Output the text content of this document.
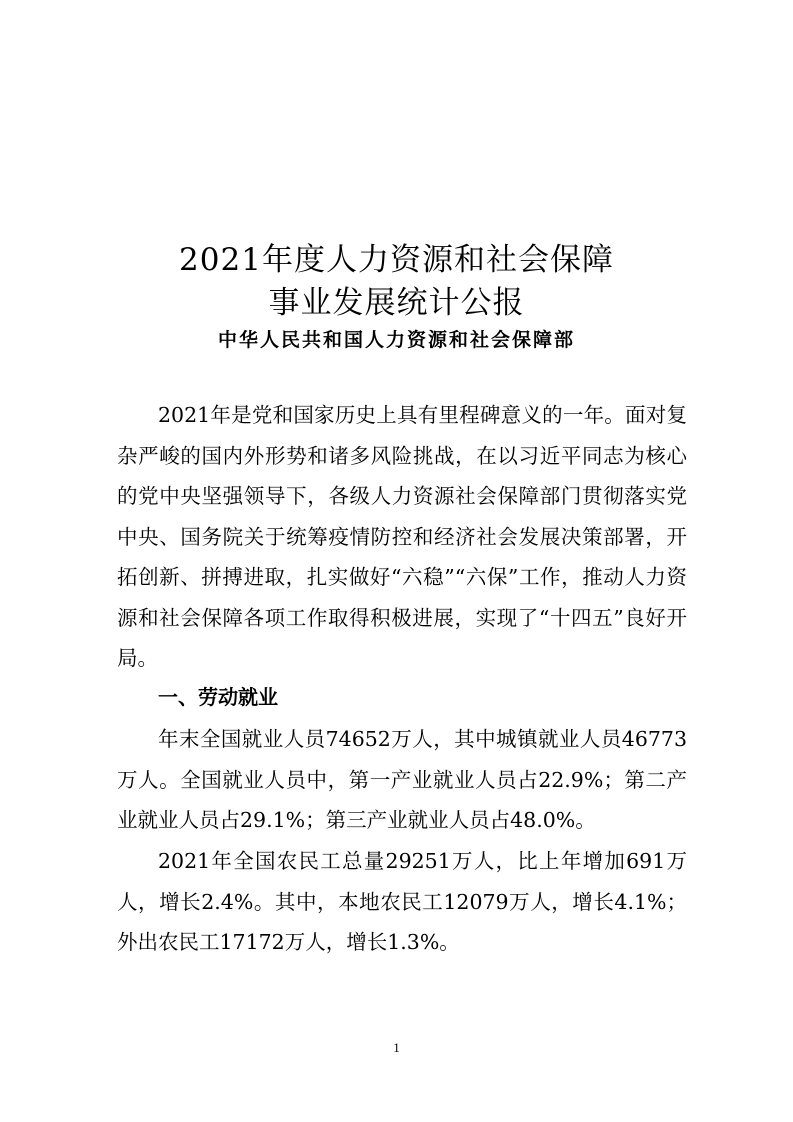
2021年度人力资源和社会保障
事业发展统计公报

中华人民共和国人力资源和社会保障部

2021年是党和国家历史上具有里程碑意义的一年。面对复杂严峻的国内外形势和诸多风险挑战，在以习近平同志为核心的党中央坚强领导下，各级人力资源社会保障部门贯彻落实党中央、国务院关于统筹疫情防控和经济社会发展决策部署，开拓创新、拼搏进取，扎实做好“六稳”“六保”工作，推动人力资源和社会保障各项工作取得积极进展，实现了“十四五”良好开局。

一、劳动就业

年末全国就业人员74652万人，其中城镇就业人员46773万人。全国就业人员中，第一产业就业人员占22.9%；第二产业就业人员占29.1%；第三产业就业人员占48.0%。

2021年全国农民工总量29251万人，比上年增加691万人，增长2.4%。其中，本地农民工12079万人，增长4.1%；外出农民工17172万人，增长1.3%。

1
